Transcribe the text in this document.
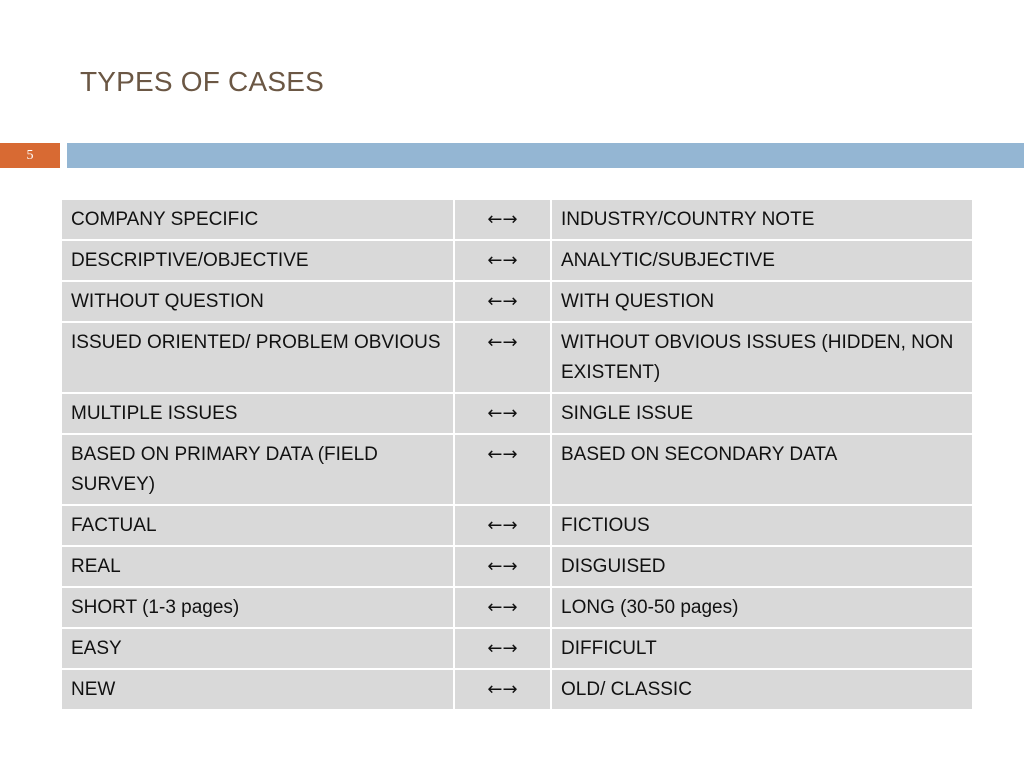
TYPES OF CASES
5
COMPANY SPECIFIC	←→	INDUSTRY/COUNTRY NOTE
DESCRIPTIVE/OBJECTIVE	←→	ANALYTIC/SUBJECTIVE
WITHOUT QUESTION	←→	WITH QUESTION
ISSUED ORIENTED/ PROBLEM OBVIOUS	←→	WITHOUT OBVIOUS ISSUES (HIDDEN, NON EXISTENT)
MULTIPLE ISSUES	←→	SINGLE ISSUE
BASED ON PRIMARY DATA (FIELD SURVEY)	←→	BASED ON SECONDARY DATA
FACTUAL	←→	FICTIOUS
REAL	←→	DISGUISED
SHORT (1-3 pages)	←→	LONG (30-50 pages)
EASY	←→	DIFFICULT
NEW	←→	OLD/ CLASSIC
